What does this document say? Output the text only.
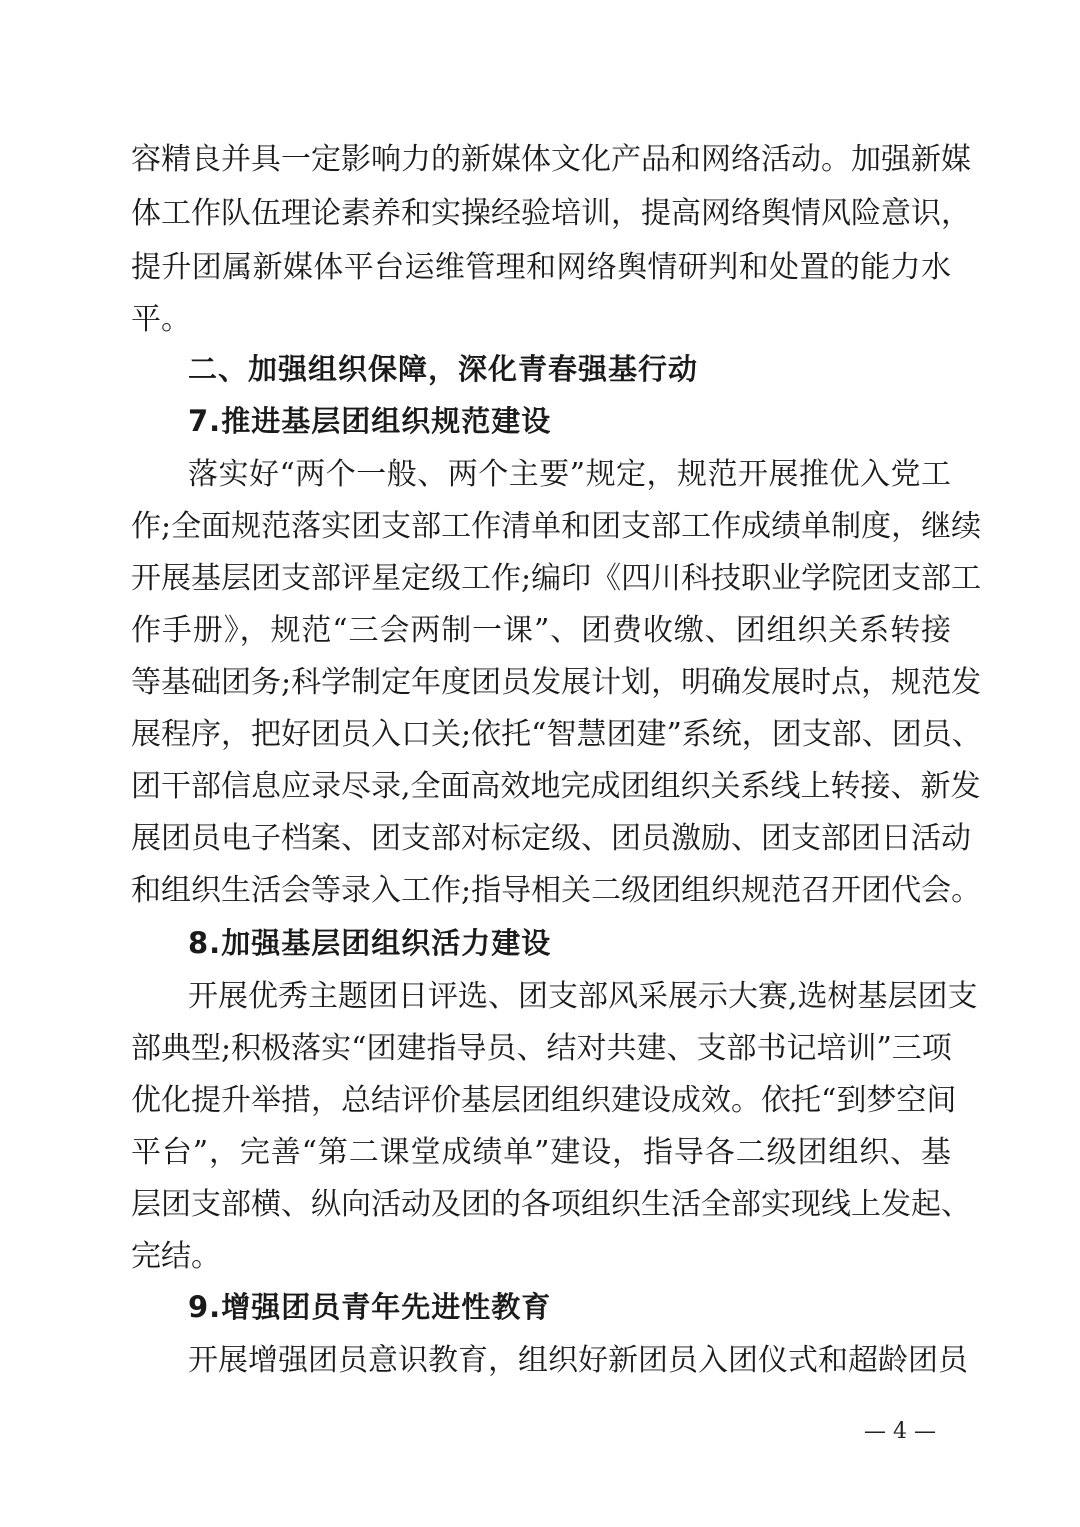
容精良并具一定影响力的新媒体文化产品和网络活动。加强新媒
体工作队伍理论素养和实操经验培训，提高网络舆情风险意识，
提升团属新媒体平台运维管理和网络舆情研判和处置的能力水
平。
二、加强组织保障，深化青春强基行动
7.推进基层团组织规范建设
落实好“两个一般、两个主要”规定，规范开展推优入党工
作;全面规范落实团支部工作清单和团支部工作成绩单制度，继续
开展基层团支部评星定级工作;编印《四川科技职业学院团支部工
作手册》，规范“三会两制一课”、团费收缴、团组织关系转接
等基础团务;科学制定年度团员发展计划，明确发展时点，规范发
展程序，把好团员入口关;依托“智慧团建”系统，团支部、团员、
团干部信息应录尽录,全面高效地完成团组织关系线上转接、新发
展团员电子档案、团支部对标定级、团员激励、团支部团日活动
和组织生活会等录入工作;指导相关二级团组织规范召开团代会。
8.加强基层团组织活力建设
开展优秀主题团日评选、团支部风采展示大赛,选树基层团支
部典型;积极落实“团建指导员、结对共建、支部书记培训”三项
优化提升举措，总结评价基层团组织建设成效。依托“到梦空间
平台”，完善“第二课堂成绩单”建设，指导各二级团组织、基
层团支部横、纵向活动及团的各项组织生活全部实现线上发起、
完结。
9.增强团员青年先进性教育
开展增强团员意识教育，组织好新团员入团仪式和超龄团员
— 4 —
